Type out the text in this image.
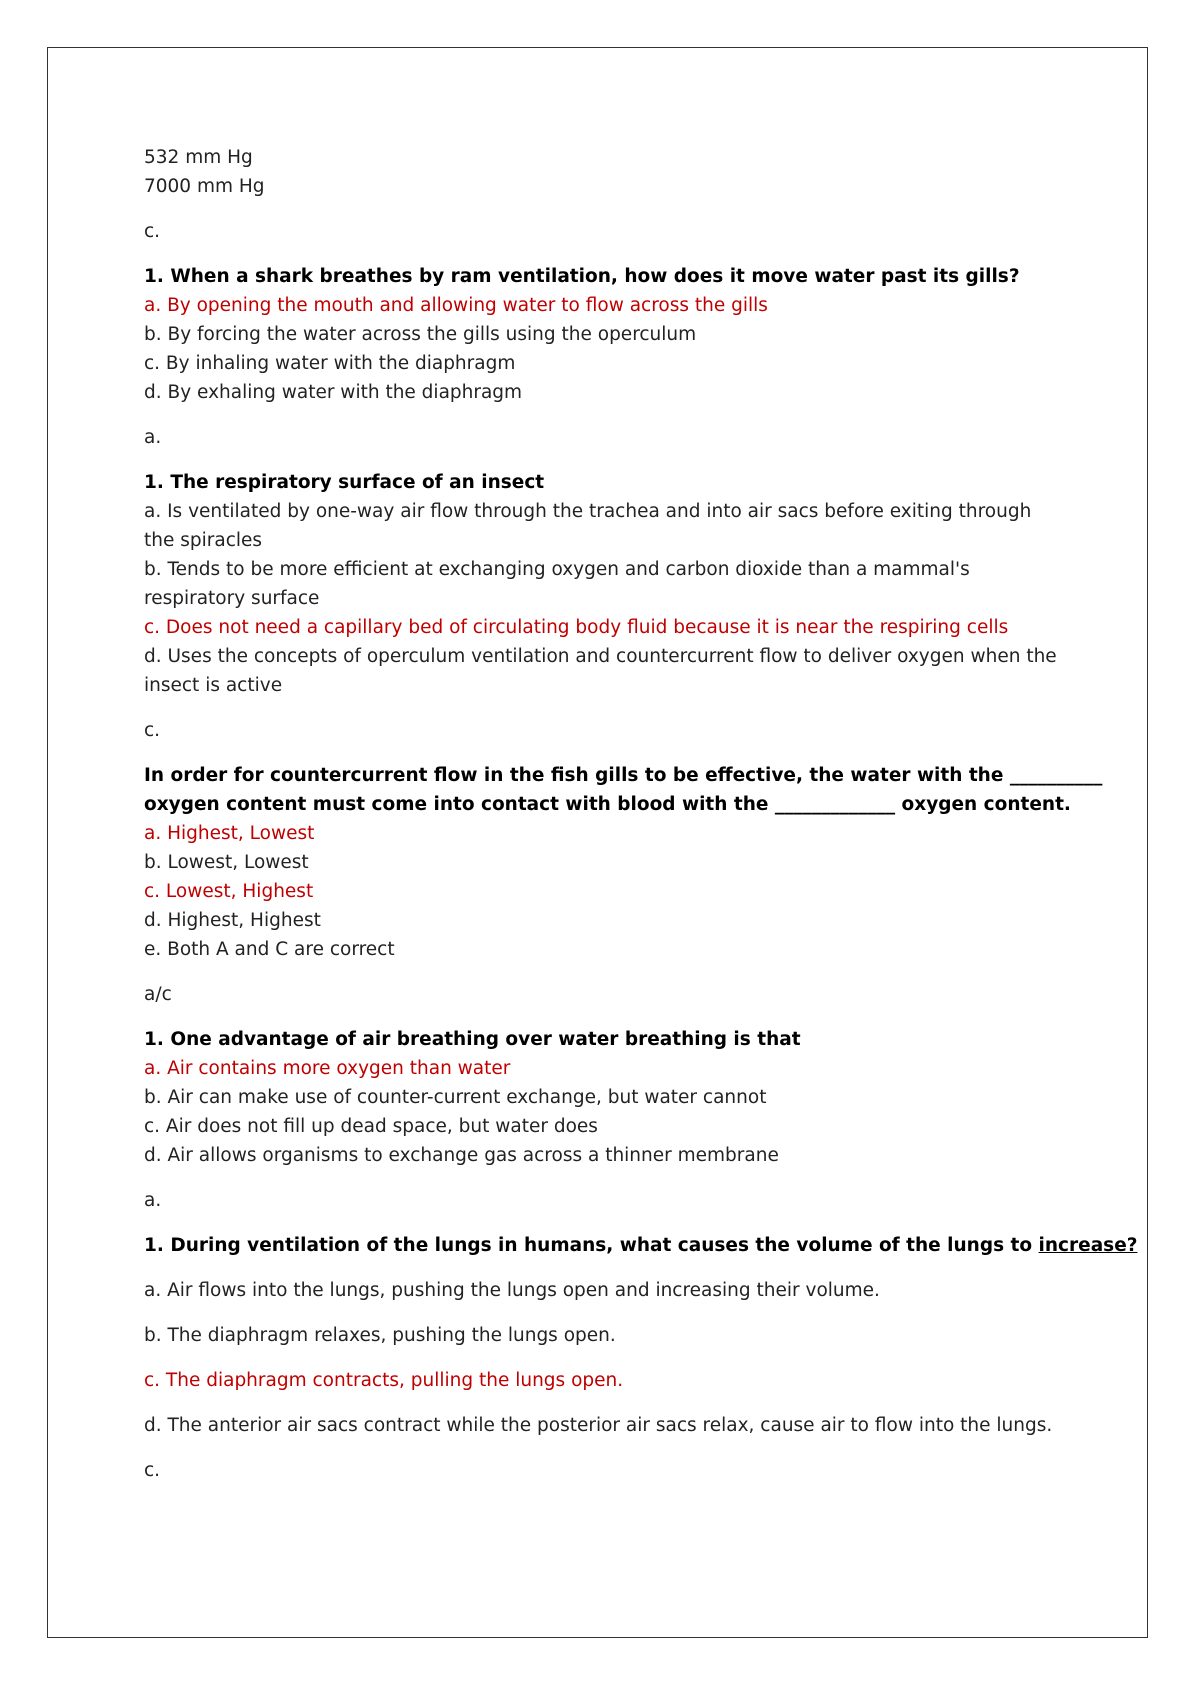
532 mm Hg
7000 mm Hg
c.
1. When a shark breathes by ram ventilation, how does it move water past its gills?
a. By opening the mouth and allowing water to flow across the gills
b. By forcing the water across the gills using the operculum
c. By inhaling water with the diaphragm
d. By exhaling water with the diaphragm
a.
1. The respiratory surface of an insect
a. Is ventilated by one-way air flow through the trachea and into air sacs before exiting through the spiracles
b. Tends to be more efficient at exchanging oxygen and carbon dioxide than a mammal's respiratory surface
c. Does not need a capillary bed of circulating body fluid because it is near the respiring cells
d. Uses the concepts of operculum ventilation and countercurrent flow to deliver oxygen when the insect is active
c.
In order for countercurrent flow in the fish gills to be effective, the water with the __________
oxygen content must come into contact with blood with the _____________ oxygen content.
a. Highest, Lowest
b. Lowest, Lowest
c. Lowest, Highest
d. Highest, Highest
e. Both A and C are correct
a/c
1. One advantage of air breathing over water breathing is that
a. Air contains more oxygen than water
b. Air can make use of counter-current exchange, but water cannot
c. Air does not fill up dead space, but water does
d. Air allows organisms to exchange gas across a thinner membrane
a.
1. During ventilation of the lungs in humans, what causes the volume of the lungs to increase?
a. Air flows into the lungs, pushing the lungs open and increasing their volume.
b. The diaphragm relaxes, pushing the lungs open.
c. The diaphragm contracts, pulling the lungs open.
d. The anterior air sacs contract while the posterior air sacs relax, cause air to flow into the lungs.
c.
